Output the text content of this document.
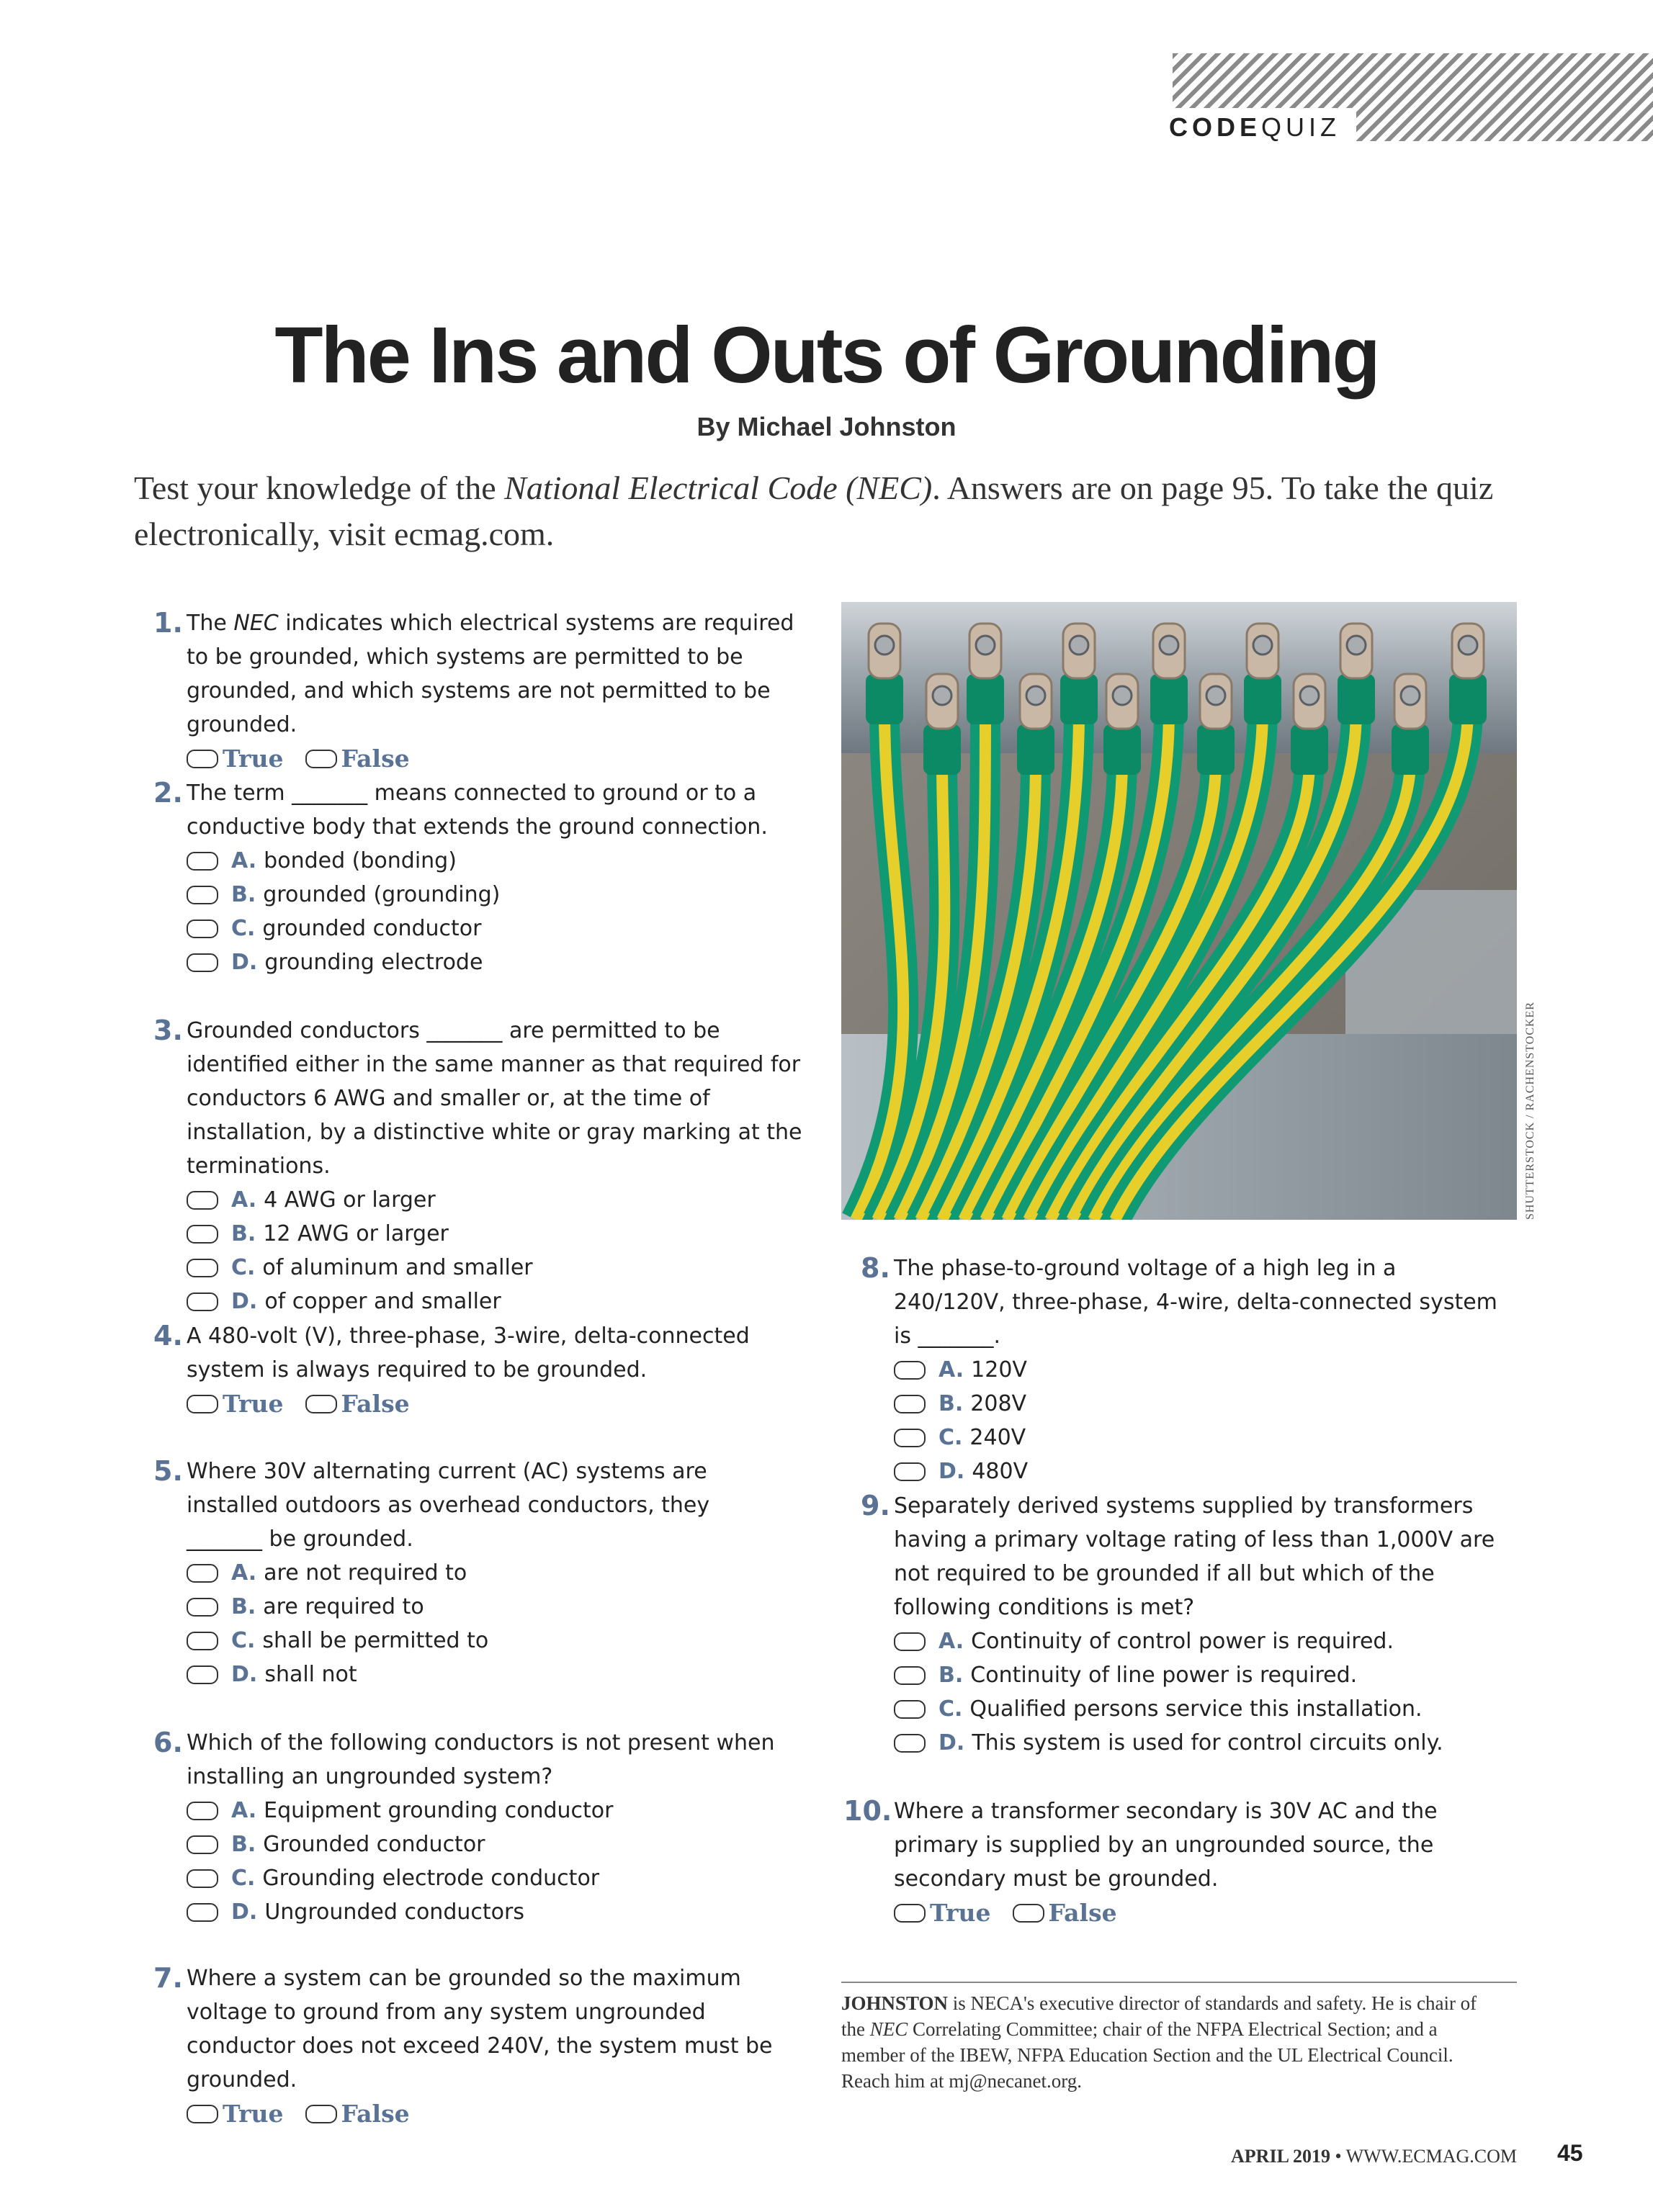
CODEQUIZ
The Ins and Outs of Grounding
By Michael Johnston
Test your knowledge of the National Electrical Code (NEC). Answers are on page 95. To take the quiz electronically, visit ecmag.com.
1. The NEC indicates which electrical systems are required to be grounded, which systems are permitted to be grounded, and which systems are not permitted to be grounded.
True False
2. The term _______ means connected to ground or to a conductive body that extends the ground connection.
A. bonded (bonding)
B. grounded (grounding)
C. grounded conductor
D. grounding electrode
3. Grounded conductors _______ are permitted to be identified either in the same manner as that required for conductors 6 AWG and smaller or, at the time of installation, by a distinctive white or gray marking at the terminations.
A. 4 AWG or larger
B. 12 AWG or larger
C. of aluminum and smaller
D. of copper and smaller
4. A 480-volt (V), three-phase, 3-wire, delta-connected system is always required to be grounded.
True False
5. Where 30V alternating current (AC) systems are installed outdoors as overhead conductors, they _______ be grounded.
A. are not required to
B. are required to
C. shall be permitted to
D. shall not
6. Which of the following conductors is not present when installing an ungrounded system?
A. Equipment grounding conductor
B. Grounded conductor
C. Grounding electrode conductor
D. Ungrounded conductors
7. Where a system can be grounded so the maximum voltage to ground from any system ungrounded conductor does not exceed 240V, the system must be grounded.
True False
SHUTTERSTOCK / RACHENSTOCKER
8. The phase-to-ground voltage of a high leg in a 240/120V, three-phase, 4-wire, delta-connected system is _______.
A. 120V
B. 208V
C. 240V
D. 480V
9. Separately derived systems supplied by transformers having a primary voltage rating of less than 1,000V are not required to be grounded if all but which of the following conditions is met?
A. Continuity of control power is required.
B. Continuity of line power is required.
C. Qualified persons service this installation.
D. This system is used for control circuits only.
10. Where a transformer secondary is 30V AC and the primary is supplied by an ungrounded source, the secondary must be grounded.
True False
JOHNSTON is NECA's executive director of standards and safety. He is chair of the NEC Correlating Committee; chair of the NFPA Electrical Section; and a member of the IBEW, NFPA Education Section and the UL Electrical Council. Reach him at mj@necanet.org.
APRIL 2019 • WWW.ECMAG.COM 45
